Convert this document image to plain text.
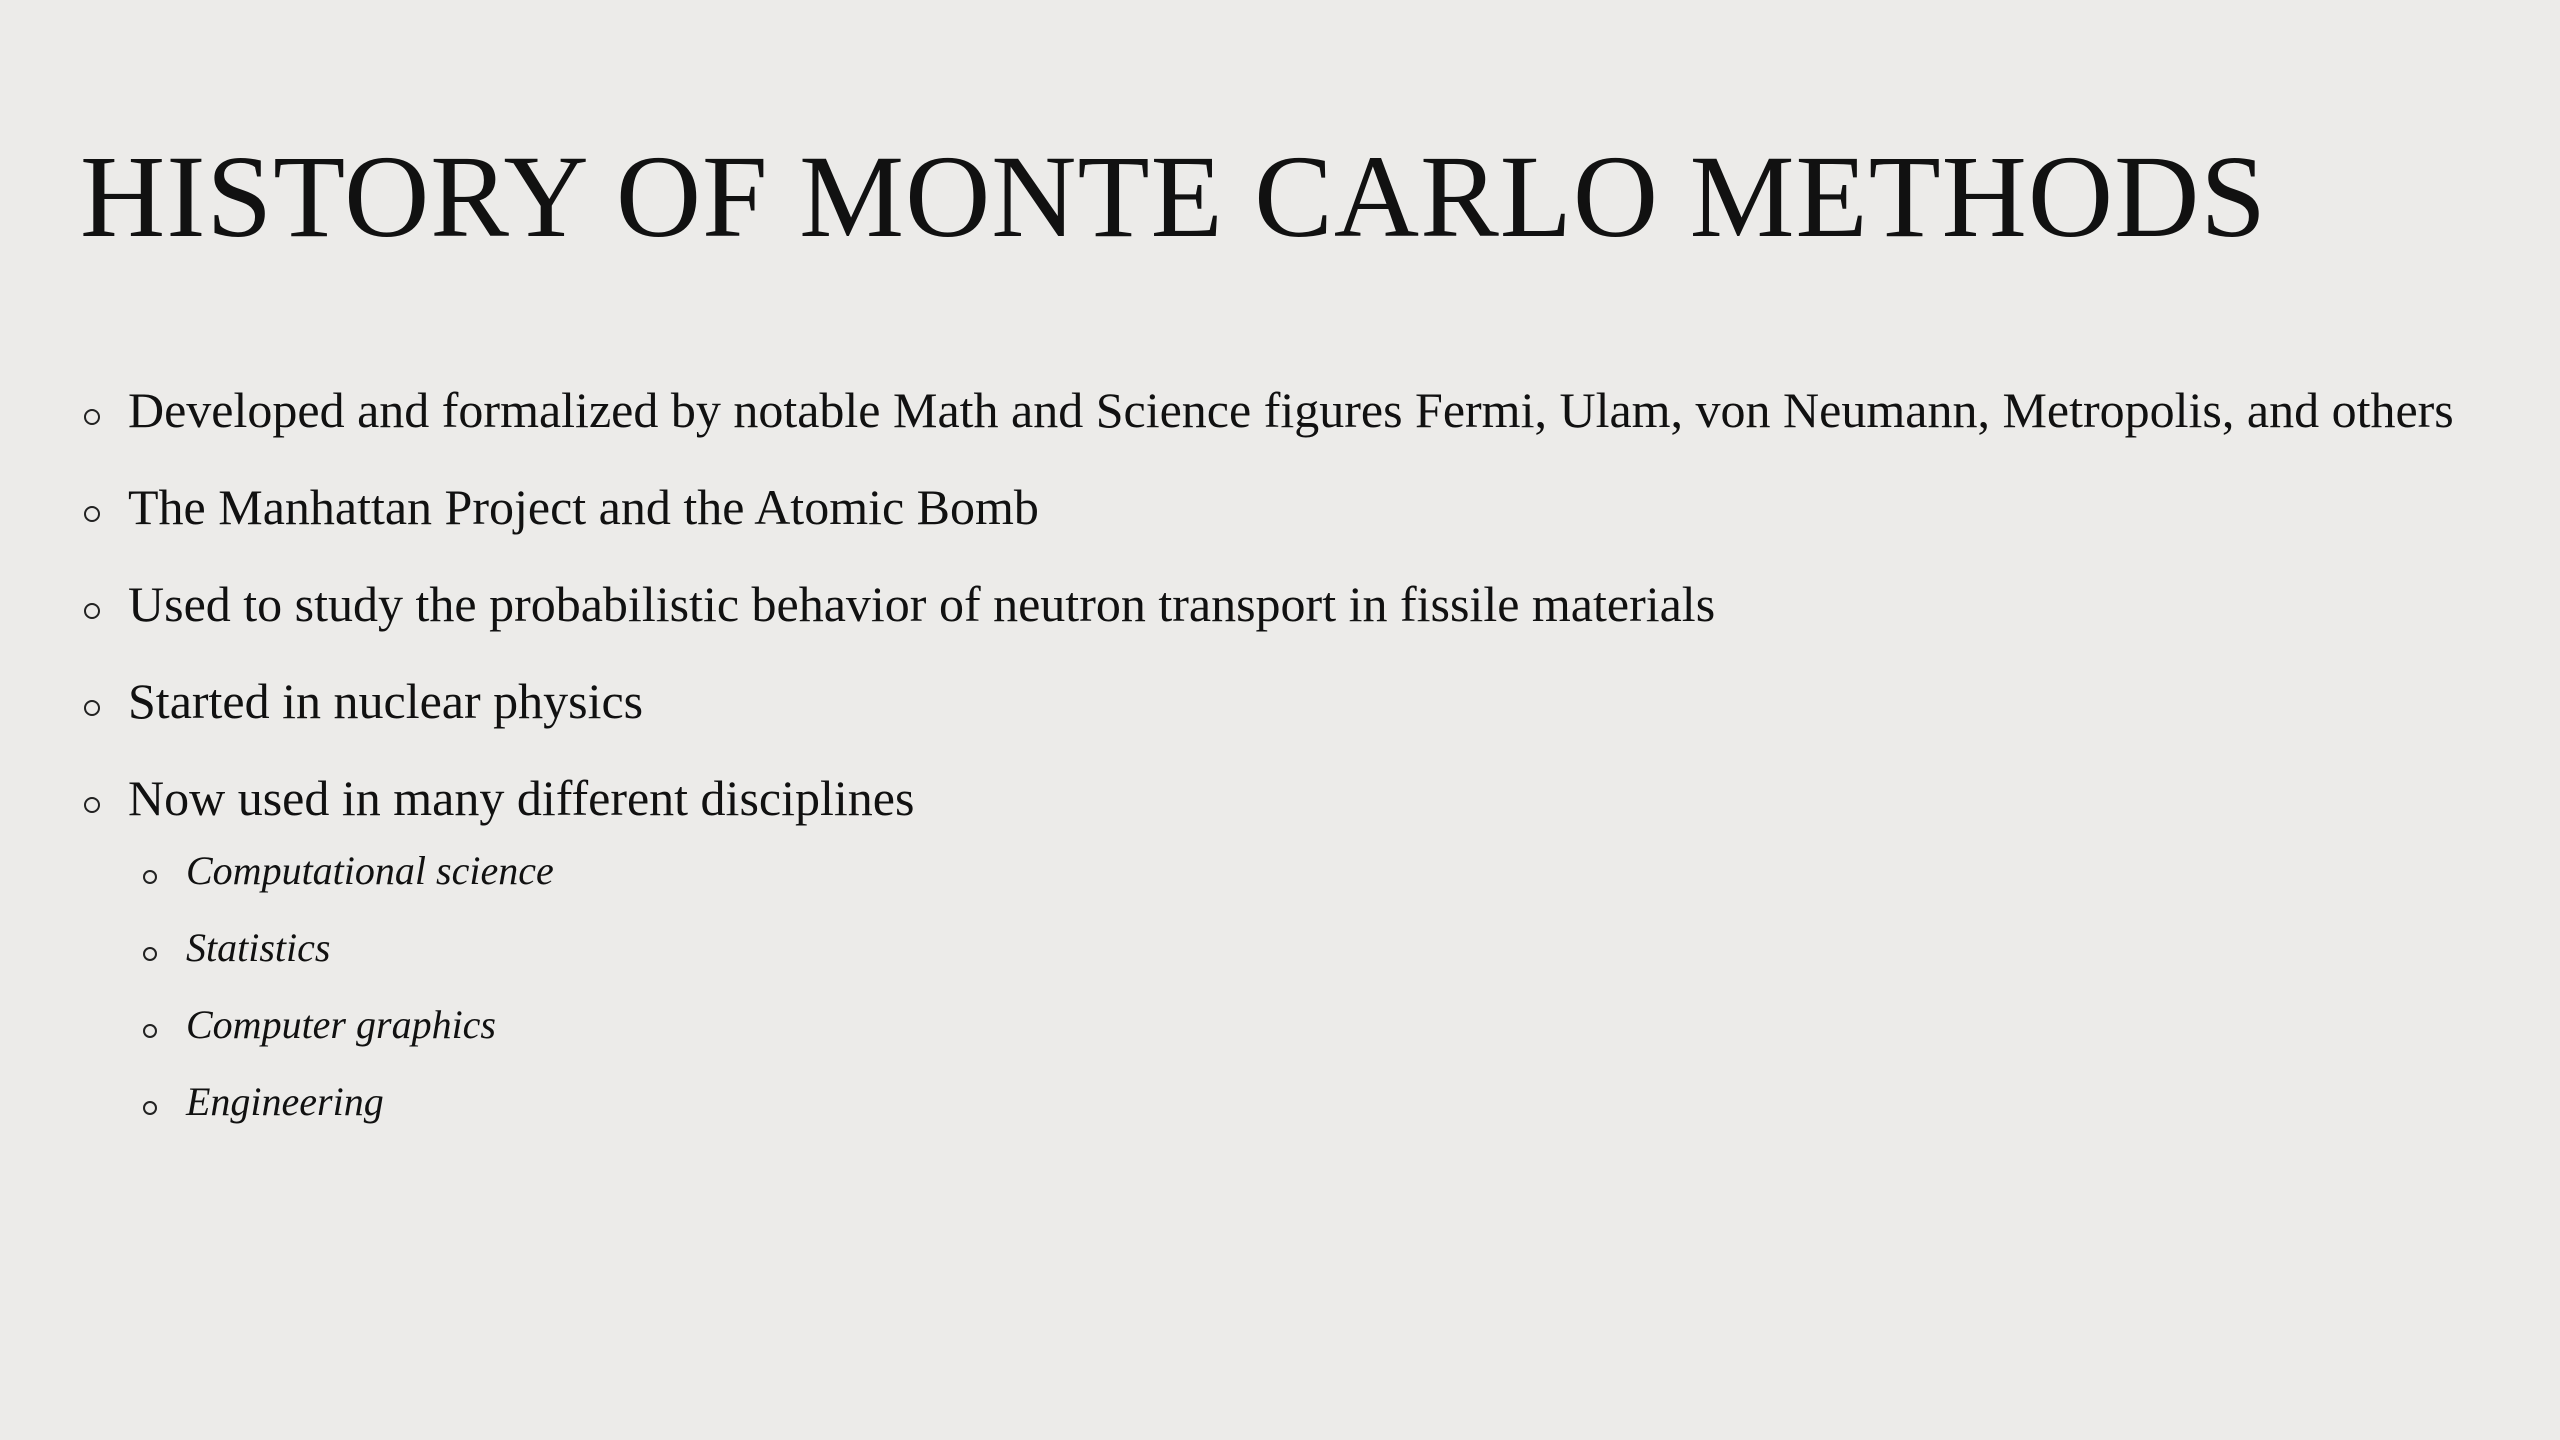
HISTORY OF MONTE CARLO METHODS
Developed and formalized by notable Math and Science figures Fermi, Ulam, von Neumann, Metropolis, and others
The Manhattan Project and the Atomic Bomb
Used to study the probabilistic behavior of neutron transport in fissile materials
Started in nuclear physics
Now used in many different disciplines
Computational science
Statistics
Computer graphics
Engineering
